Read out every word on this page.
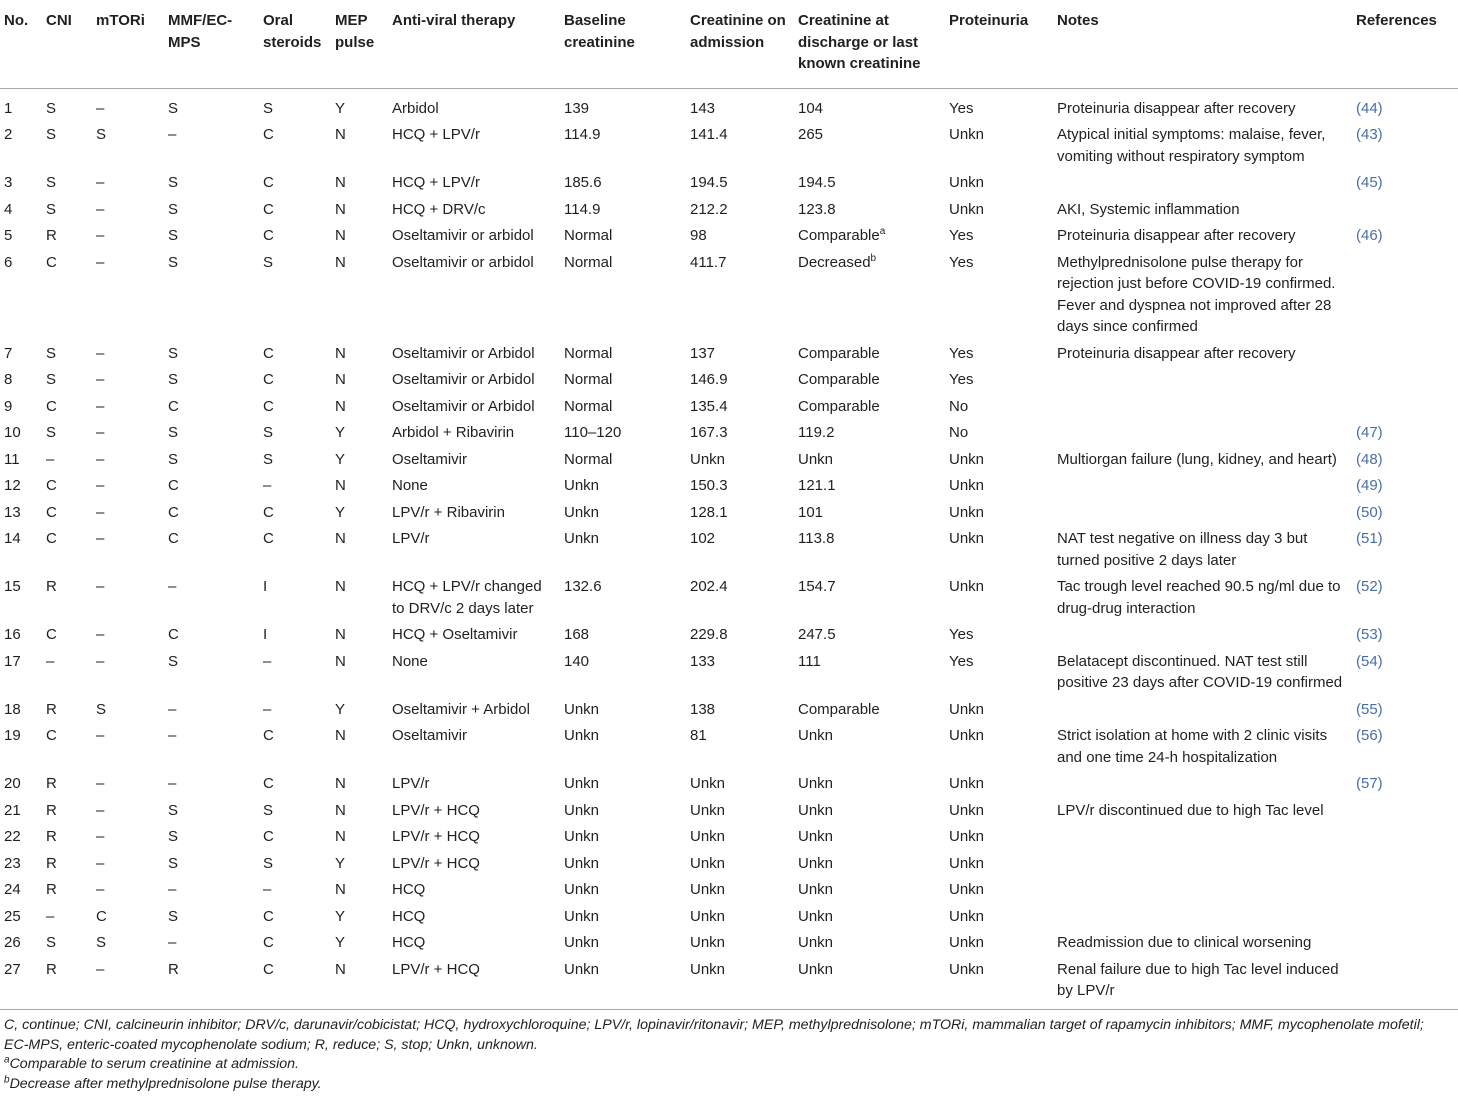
No.	CNI	mTORi	MMF/EC-MPS	Oral steroids	MEP pulse	Anti-viral therapy	Baseline creatinine	Creatinine on admission	Creatinine at discharge or last known creatinine	Proteinuria	Notes	References
1	S	–	S	S	Y	Arbidol	139	143	104	Yes	Proteinuria disappear after recovery	(44)
2	S	S	–	C	N	HCQ + LPV/r	114.9	141.4	265	Unkn	Atypical initial symptoms: malaise, fever, vomiting without respiratory symptom	(43)
3	S	–	S	C	N	HCQ + LPV/r	185.6	194.5	194.5	Unkn		(45)
4	S	–	S	C	N	HCQ + DRV/c	114.9	212.2	123.8	Unkn	AKI, Systemic inflammation	
5	R	–	S	C	N	Oseltamivir or arbidol	Normal	98	Comparable$^a$	Yes	Proteinuria disappear after recovery	(46)
6	C	–	S	S	N	Oseltamivir or arbidol	Normal	411.7	Decreased$^b$	Yes	Methylprednisolone pulse therapy for rejection just before COVID-19 confirmed. Fever and dyspnea not improved after 28 days since confirmed	
7	S	–	S	C	N	Oseltamivir or Arbidol	Normal	137	Comparable	Yes	Proteinuria disappear after recovery	
8	S	–	S	C	N	Oseltamivir or Arbidol	Normal	146.9	Comparable	Yes		
9	C	–	C	C	N	Oseltamivir or Arbidol	Normal	135.4	Comparable	No		
10	S	–	S	S	Y	Arbidol + Ribavirin	110–120	167.3	119.2	No		(47)
11	–	–	S	S	Y	Oseltamivir	Normal	Unkn	Unkn	Unkn	Multiorgan failure (lung, kidney, and heart)	(48)
12	C	–	C	–	N	None	Unkn	150.3	121.1	Unkn		(49)
13	C	–	C	C	Y	LPV/r + Ribavirin	Unkn	128.1	101	Unkn		(50)
14	C	–	C	C	N	LPV/r	Unkn	102	113.8	Unkn	NAT test negative on illness day 3 but turned positive 2 days later	(51)
15	R	–	–	I	N	HCQ + LPV/r changed to DRV/c 2 days later	132.6	202.4	154.7	Unkn	Tac trough level reached 90.5 ng/ml due to drug-drug interaction	(52)
16	C	–	C	I	N	HCQ + Oseltamivir	168	229.8	247.5	Yes		(53)
17	–	–	S	–	N	None	140	133	111	Yes	Belatacept discontinued. NAT test still positive 23 days after COVID-19 confirmed	(54)
18	R	S	–	–	Y	Oseltamivir + Arbidol	Unkn	138	Comparable	Unkn		(55)
19	C	–	–	C	N	Oseltamivir	Unkn	81	Unkn	Unkn	Strict isolation at home with 2 clinic visits and one time 24-h hospitalization	(56)
20	R	–	–	C	N	LPV/r	Unkn	Unkn	Unkn	Unkn		(57)
21	R	–	S	S	N	LPV/r + HCQ	Unkn	Unkn	Unkn	Unkn	LPV/r discontinued due to high Tac level	
22	R	–	S	C	N	LPV/r + HCQ	Unkn	Unkn	Unkn	Unkn		
23	R	–	S	S	Y	LPV/r + HCQ	Unkn	Unkn	Unkn	Unkn		
24	R	–	–	–	N	HCQ	Unkn	Unkn	Unkn	Unkn		
25	–	C	S	C	Y	HCQ	Unkn	Unkn	Unkn	Unkn		
26	S	S	–	C	Y	HCQ	Unkn	Unkn	Unkn	Unkn	Readmission due to clinical worsening	
27	R	–	R	C	N	LPV/r + HCQ	Unkn	Unkn	Unkn	Unkn	Renal failure due to high Tac level induced by LPV/r	

C, continue; CNI, calcineurin inhibitor; DRV/c, darunavir/cobicistat; HCQ, hydroxychloroquine; LPV/r, lopinavir/ritonavir; MEP, methylprednisolone; mTORi, mammalian target of rapamycin inhibitors; MMF, mycophenolate mofetil; EC-MPS, enteric-coated mycophenolate sodium; R, reduce; S, stop; Unkn, unknown.

$^a$Comparable to serum creatinine at admission.

$^b$Decrease after methylprednisolone pulse therapy.
